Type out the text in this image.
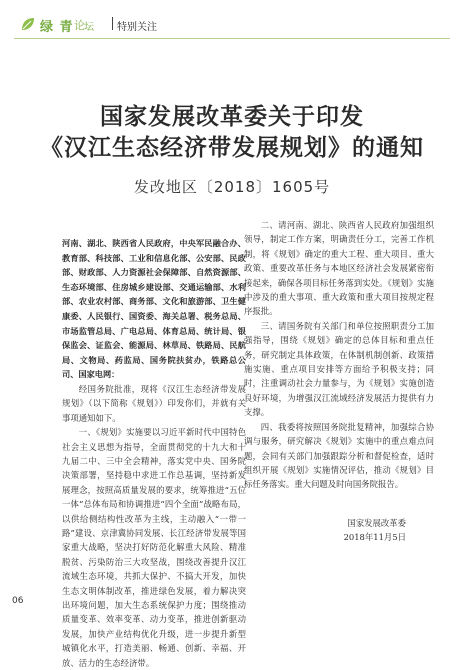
绿 青 论 坛 特别关注
国家发展改革委关于印发
《汉江生态经济带发展规划》的通知
发改地区〔2018〕1605号

河南、湖北、陕西省人民政府，中央军民融合办、教育部、科技部、工业和信息化部、公安部、民政部、财政部、人力资源社会保障部、自然资源部、生态环境部、住房城乡建设部、交通运输部、水利部、农业农村部、商务部、文化和旅游部、卫生健康委、人民银行、国资委、海关总署、税务总局、市场监管总局、广电总局、体育总局、统计局、银保监会、证监会、能源局、林草局、铁路局、民航局、文物局、药监局、国务院扶贫办，铁路总公司、国家电网：

经国务院批准，现将《汉江生态经济带发展规划》（以下简称《规划》）印发你们，并就有关事项通知如下。

一、《规划》实施要以习近平新时代中国特色社会主义思想为指导，全面贯彻党的十九大和十九届二中、三中全会精神，落实党中央、国务院决策部署，坚持稳中求进工作总基调，坚持新发展理念，按照高质量发展的要求，统筹推进“五位一体”总体布局和协调推进“四个全面”战略布局，以供给侧结构性改革为主线，主动融入“一带一路”建设、京津冀协同发展、长江经济带发展等国家重大战略，坚决打好防范化解重大风险、精准脱贫、污染防治三大攻坚战，围绕改善提升汉江流域生态环境，共抓大保护、不搞大开发，加快生态文明体制改革，推进绿色发展，着力解决突出环境问题，加大生态系统保护力度；围绕推动质量变革、效率变革、动力变革，推进创新驱动发展，加快产业结构优化升级，进一步提升新型城镇化水平，打造美丽、畅通、创新、幸福、开放、活力的生态经济带。

二、请河南、湖北、陕西省人民政府加强组织领导，制定工作方案，明确责任分工，完善工作机制，将《规划》确定的重大工程、重大项目、重大政策、重要改革任务与本地区经济社会发展紧密衔接起来，确保各项目标任务落到实处。《规划》实施中涉及的重大事项、重大政策和重大项目按规定程序报批。

三、请国务院有关部门和单位按照职责分工加强指导，围绕《规划》确定的总体目标和重点任务，研究制定具体政策，在体制机制创新、政策措施实施、重点项目安排等方面给予积极支持；同时，注重调动社会力量参与，为《规划》实施创造良好环境，为增强汉江流域经济发展活力提供有力支撑。

四、我委将按照国务院批复精神，加强综合协调与服务，研究解决《规划》实施中的重点难点问题，会同有关部门加强跟踪分析和督促检查，适时组织开展《规划》实施情况评估，推动《规划》目标任务落实。重大问题及时向国务院报告。

国家发展改革委

2018年11月5日

06
